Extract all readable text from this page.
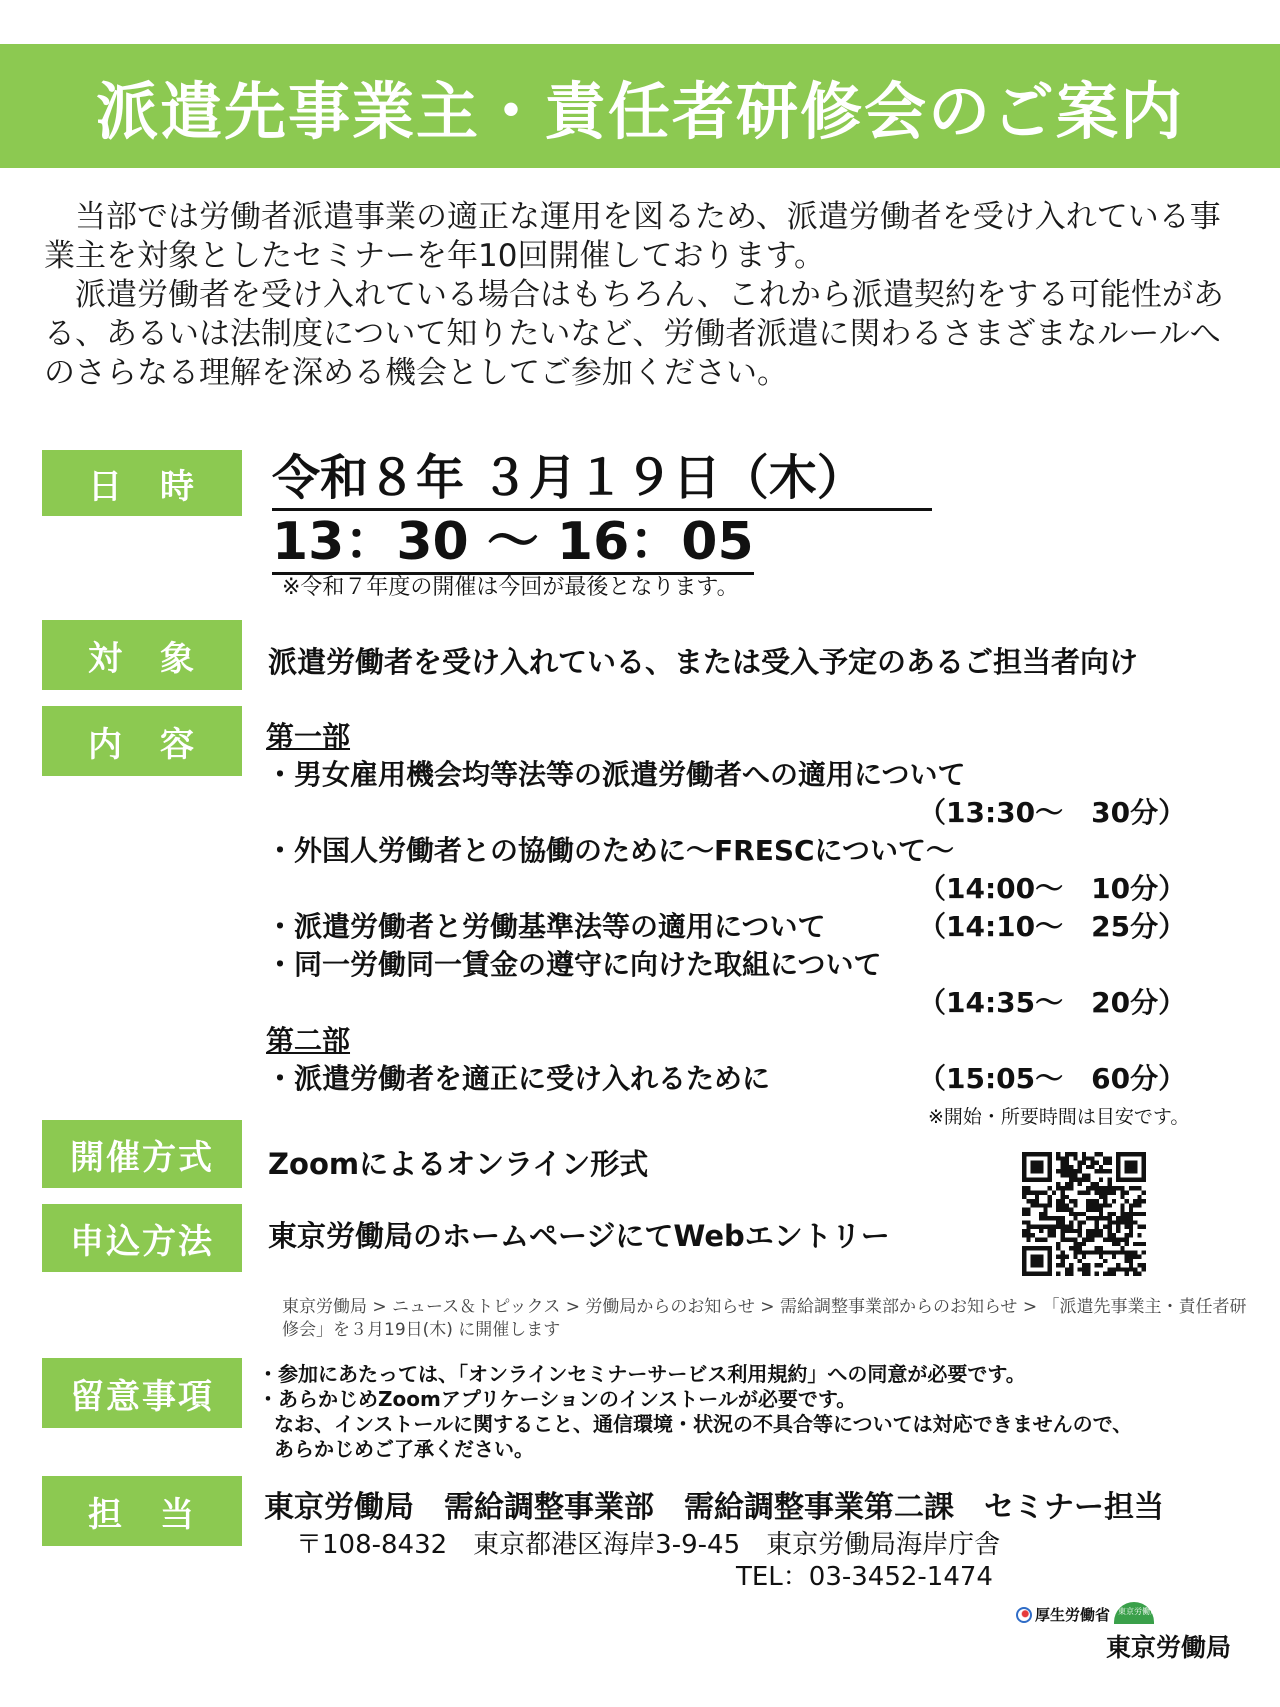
派遣先事業主・責任者研修会のご案内

当部では労働者派遣事業の適正な運用を図るため、派遣労働者を受け入れている事業主を対象としたセミナーを年10回開催しております。

派遣労働者を受け入れている場合はもちろん、これから派遣契約をする可能性がある、あるいは法制度について知りたいなど、労働者派遣に関わるさまざまなルールへのさらなる理解を深める機会としてご参加ください。

日　時	令和８年 ３月１９日（木）
13：30 ～ 16：05
※令和７年度の開催は今回が最後となります。
対　象	派遣労働者を受け入れている、または受入予定のあるご担当者向け
内　容	第一部
・男女雇用機会均等法等の派遣労働者への適用について
（13:30～　30分）
・外国人労働者との協働のために～FRESCについて～
（14:00～　10分）
・派遣労働者と労働基準法等の適用について	（14:10～　25分）
・同一労働同一賃金の遵守に向けた取組について
（14:35～　20分）
第二部
・派遣労働者を適正に受け入れるために	（15:05～　60分）
※開始・所要時間は目安です。
開催方式	Zoomによるオンライン形式
申込方法	東京労働局のホームページにてWebエントリー
東京労働局 > ニュース＆トピックス > 労働局からのお知らせ > 需給調整事業部からのお知らせ > 「派遣先事業主・責任者研修会」を３月19日(木) に開催します
留意事項
・参加にあたっては、「オンラインセミナーサービス利用規約」への同意が必要です。
・あらかじめZoomアプリケーションのインストールが必要です。
なお、インストールに関すること、通信環境・状況の不具合等については対応できませんので、
あらかじめご了承ください。
担　当	東京労働局　需給調整事業部　需給調整事業第二課　セミナー担当
〒108-8432　東京都港区海岸3-9-45　東京労働局海岸庁舎
TEL：03-3452-1474
厚生労働省 東京労働局
東京労働局
